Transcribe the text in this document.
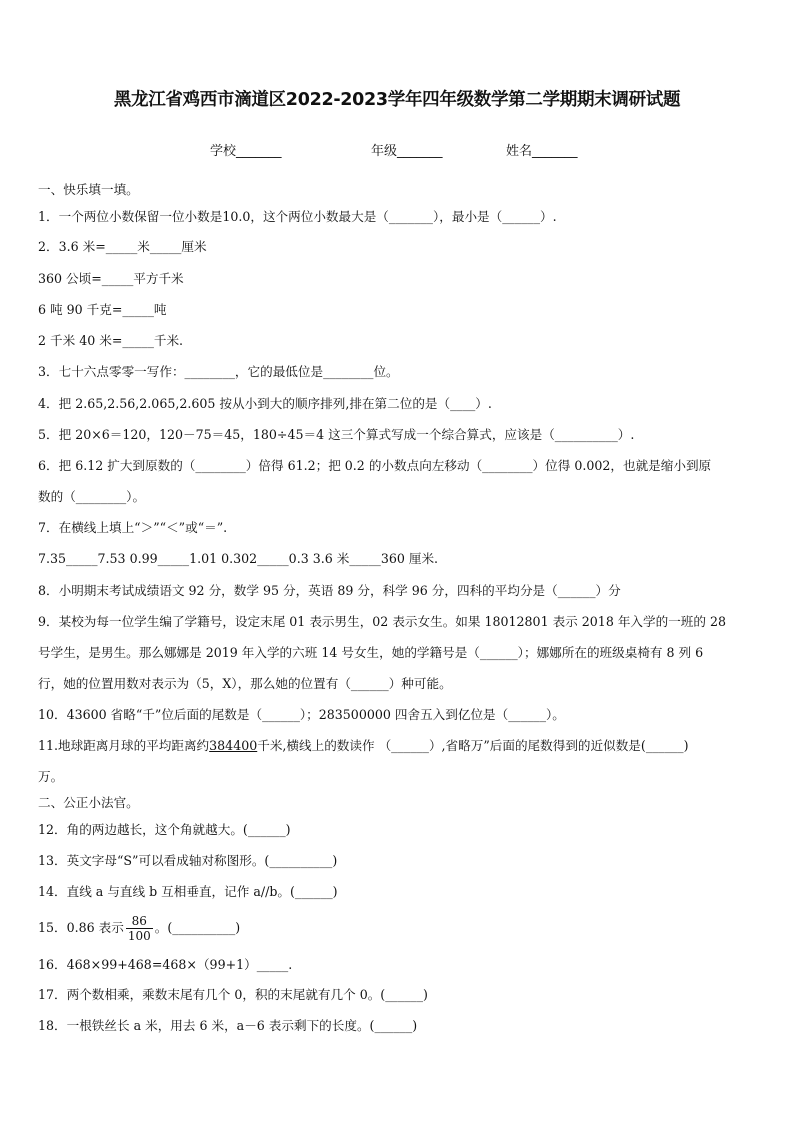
黑龙江省鸡西市滴道区2022-2023学年四年级数学第二学期期末调研试题
学校_______	年级_______	姓名_______
一、快乐填一填。
1．一个两位小数保留一位小数是10.0，这个两位小数最大是（_______），最小是（______）.
2．3.6 米=_____米_____厘米
360 公顷=_____平方千米
6 吨 90 千克=_____吨
2 千米 40 米=_____千米.
3．七十六点零零一写作：________，它的最低位是________位。
4．把 2.65,2.56,2.065,2.605 按从小到大的顺序排列,排在第二位的是（____）.
5．把 20×6＝120，120－75＝45，180÷45＝4 这三个算式写成一个综合算式，应该是（__________）.
6．把 6.12 扩大到原数的（________）倍得 61.2；把 0.2 的小数点向左移动（________）位得 0.002，也就是缩小到原
数的（________）。
7．在横线上填上“＞”“＜”或“＝”.
7.35_____7.53 0.99_____1.01 0.302_____0.3 3.6 米_____360 厘米.
8．小明期末考试成绩语文 92 分，数学 95 分，英语 89 分，科学 96 分，四科的平均分是（______）分
9．某校为每一位学生编了学籍号，设定末尾 01 表示男生，02 表示女生。如果 18012801 表示 2018 年入学的一班的 28
号学生，是男生。那么娜娜是 2019 年入学的六班 14 号女生，她的学籍号是（______）；娜娜所在的班级桌椅有 8 列 6
行，她的位置用数对表示为（5，X），那么她的位置有（______）种可能。
10．43600 省略“千”位后面的尾数是（______）；283500000 四舍五入到亿位是（______）。
11.地球距离月球的平均距离约384400千米,横线上的数读作 （______）,省略万”后面的尾数得到的近似数是(______)
万。
二、公正小法官。
12．角的两边越长，这个角就越大。(______)
13．英文字母“S”可以看成轴对称图形。(__________)
14．直线 a 与直线 b 互相垂直，记作 a//b。(______)
15．0.86 表示 $\frac{86}{100}$ 。(__________)
16．468×99+468=468×（99+1）_____.
17．两个数相乘，乘数末尾有几个 0，积的末尾就有几个 0。(______)
18．一根铁丝长 a 米，用去 6 米，a－6 表示剩下的长度。(______)
